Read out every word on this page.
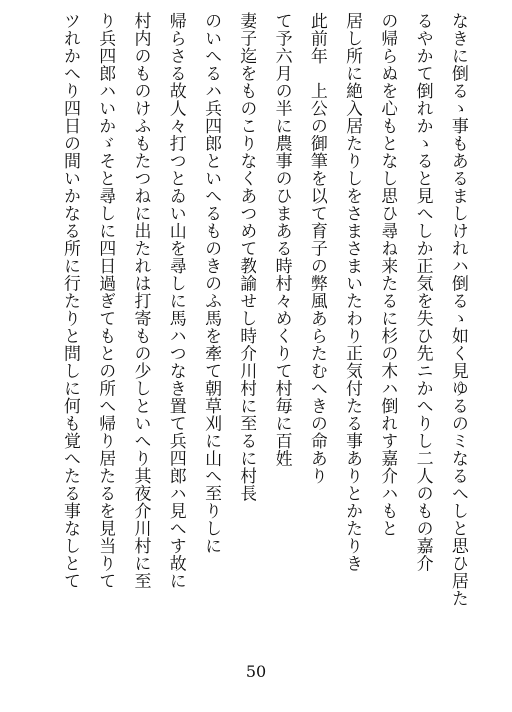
なきに倒るゝ事もあるましけれハ倒るゝ如く見ゆるのミなるへしと思ひ居た
るやかて倒れかゝると見へしか正気を失ひ先ニかへりし二人のもの嘉介
の帰らぬを心もとなし思ひ尋ね来たるに杉の木ハ倒れす嘉介ハもと
居し所に絶入居たりしをさまさまいたわり正気付たる事ありとかたりき
此前年　上公の御筆を以て育子の弊風あらたむへきの命あり
て予六月の半に農事のひまある時村々めくりて村毎に百姓
妻子迄をものこりなくあつめて教諭せし時介川村に至るに村長
のいへるハ兵四郎といへるものきのふ馬を牽て朝草刈に山へ至りしに
帰らさる故人々打つとゐい山を尋しに馬ハつなき置て兵四郎ハ見へす故に
村内のものけふもたつねに出たれは打寄もの少しといへり其夜介川村に至
り兵四郎ハいかゞそと尋しに四日過ぎてもとの所へ帰り居たるを見当りて
ツれかへり四日の間いかなる所に行たりと問しに何も覚へたる事なしとて
50
